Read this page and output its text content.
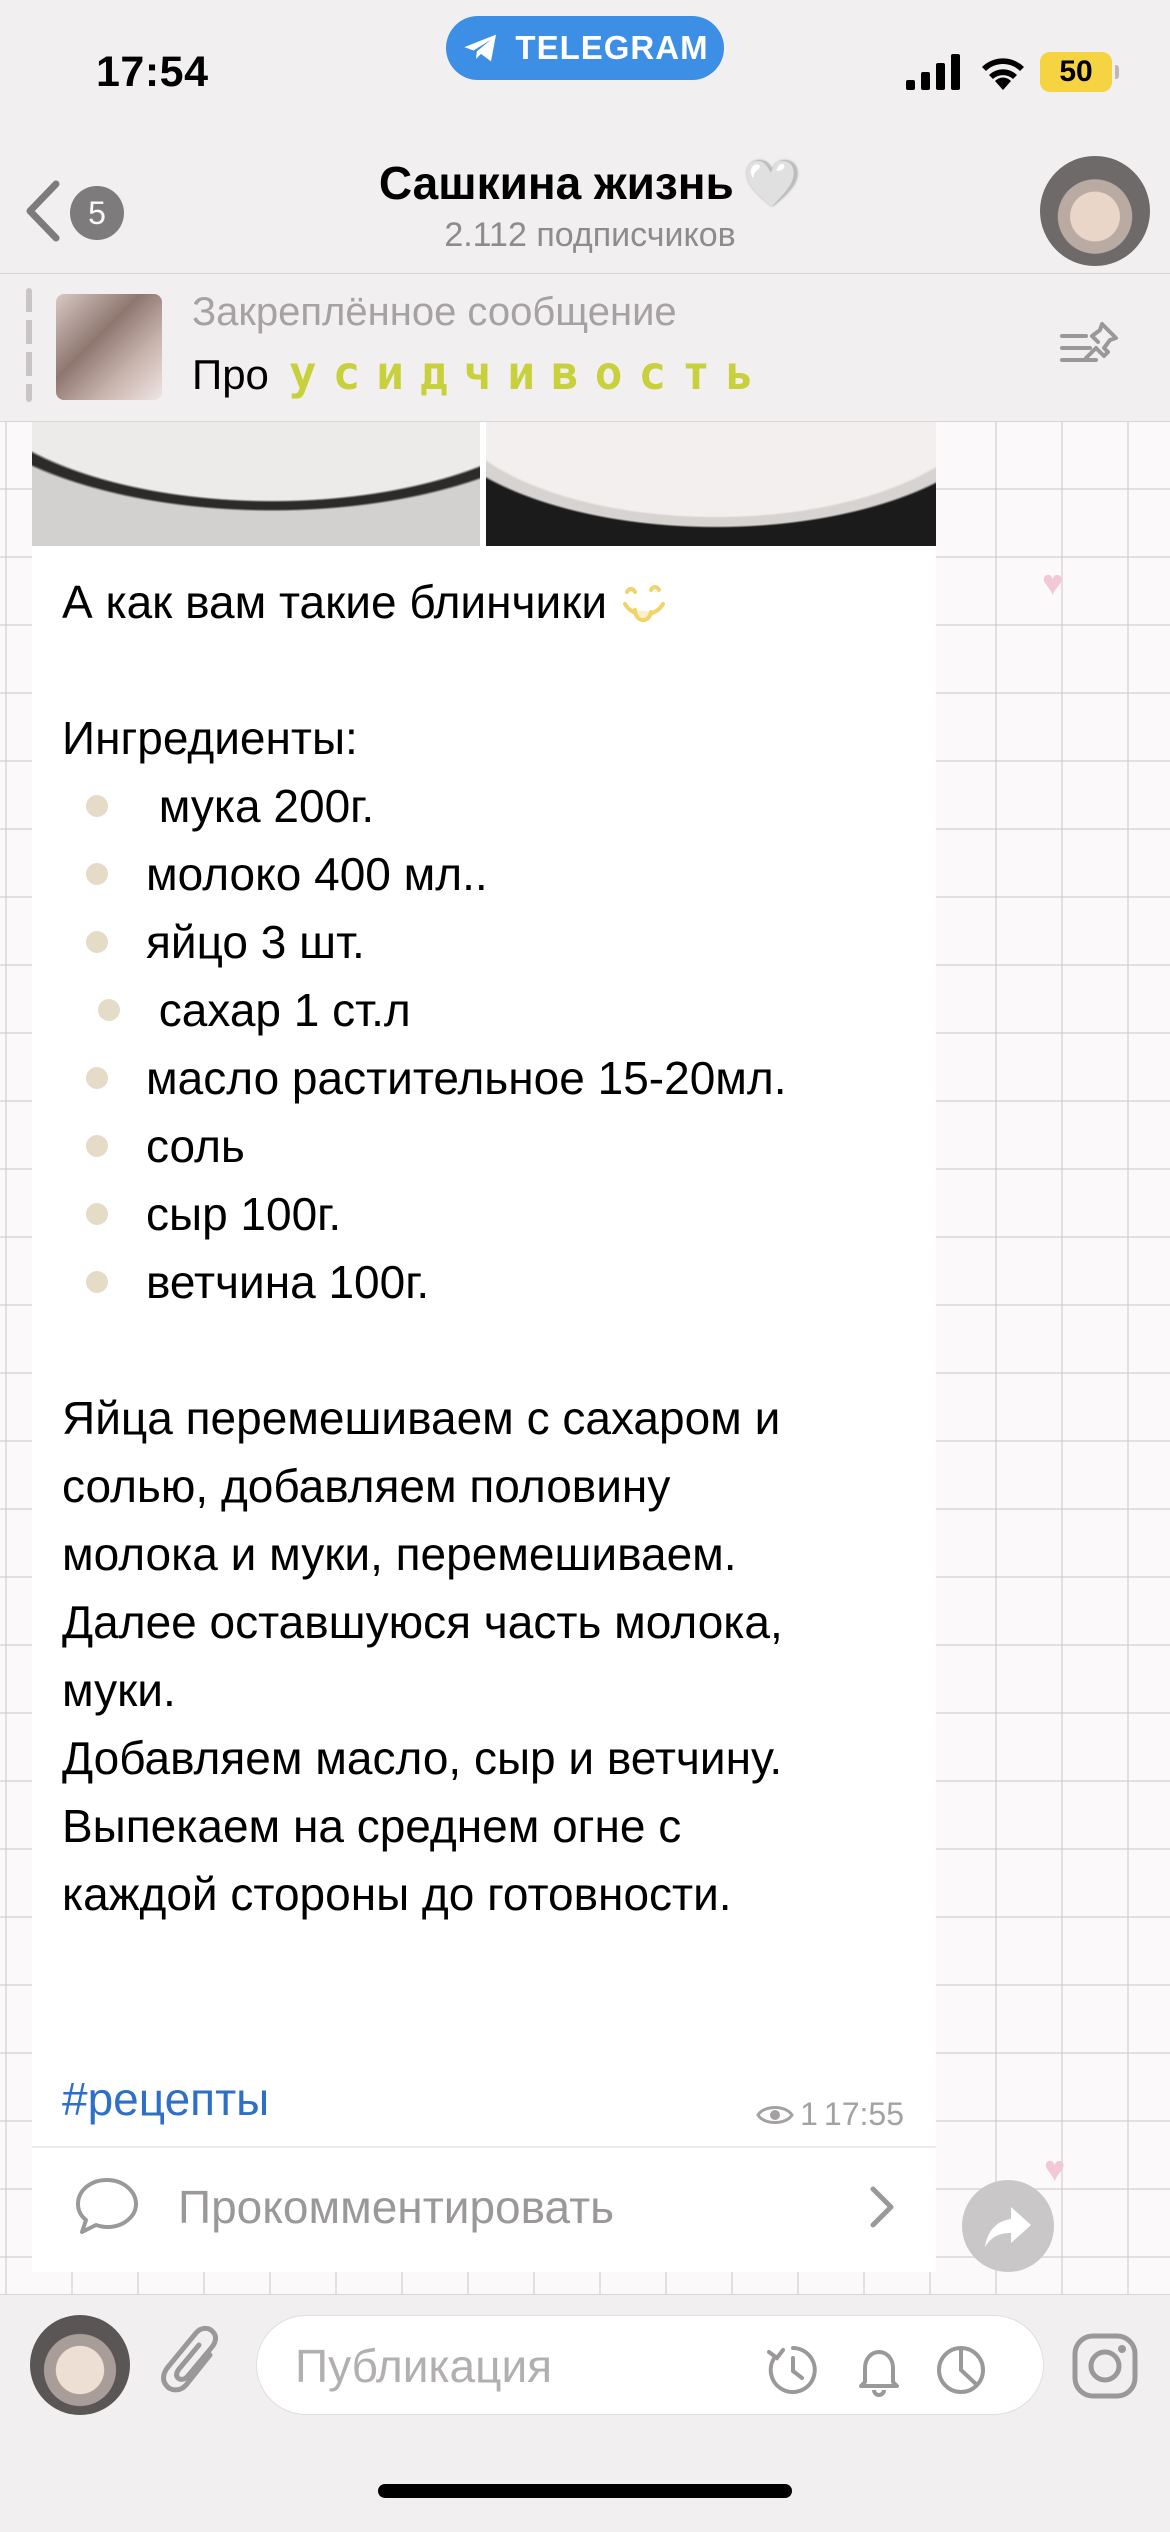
17:54
TELEGRAM
50
5
Сашкина жизнь 🤍
2.112 подписчиков
Закреплённое сообщение
Про усидчивость
♥
♥

А как вам такие блинчики

Ингредиенты:

мука 200г.
молоко 400 мл..
яйцо 3 шт.
сахар 1 ст.л
масло растительное 15-20мл.
соль
сыр 100г.
ветчина 100г.

Яйца перемешиваем с сахаром и

солью, добавляем половину

молока и муки, перемешиваем.

Далее оставшуюся часть молока,

муки.

Добавляем масло, сыр и ветчину.

Выпекаем на среднем огне с

каждой стороны до готовности.

#рецепты	1 17:55
Прокомментировать
Публикация
